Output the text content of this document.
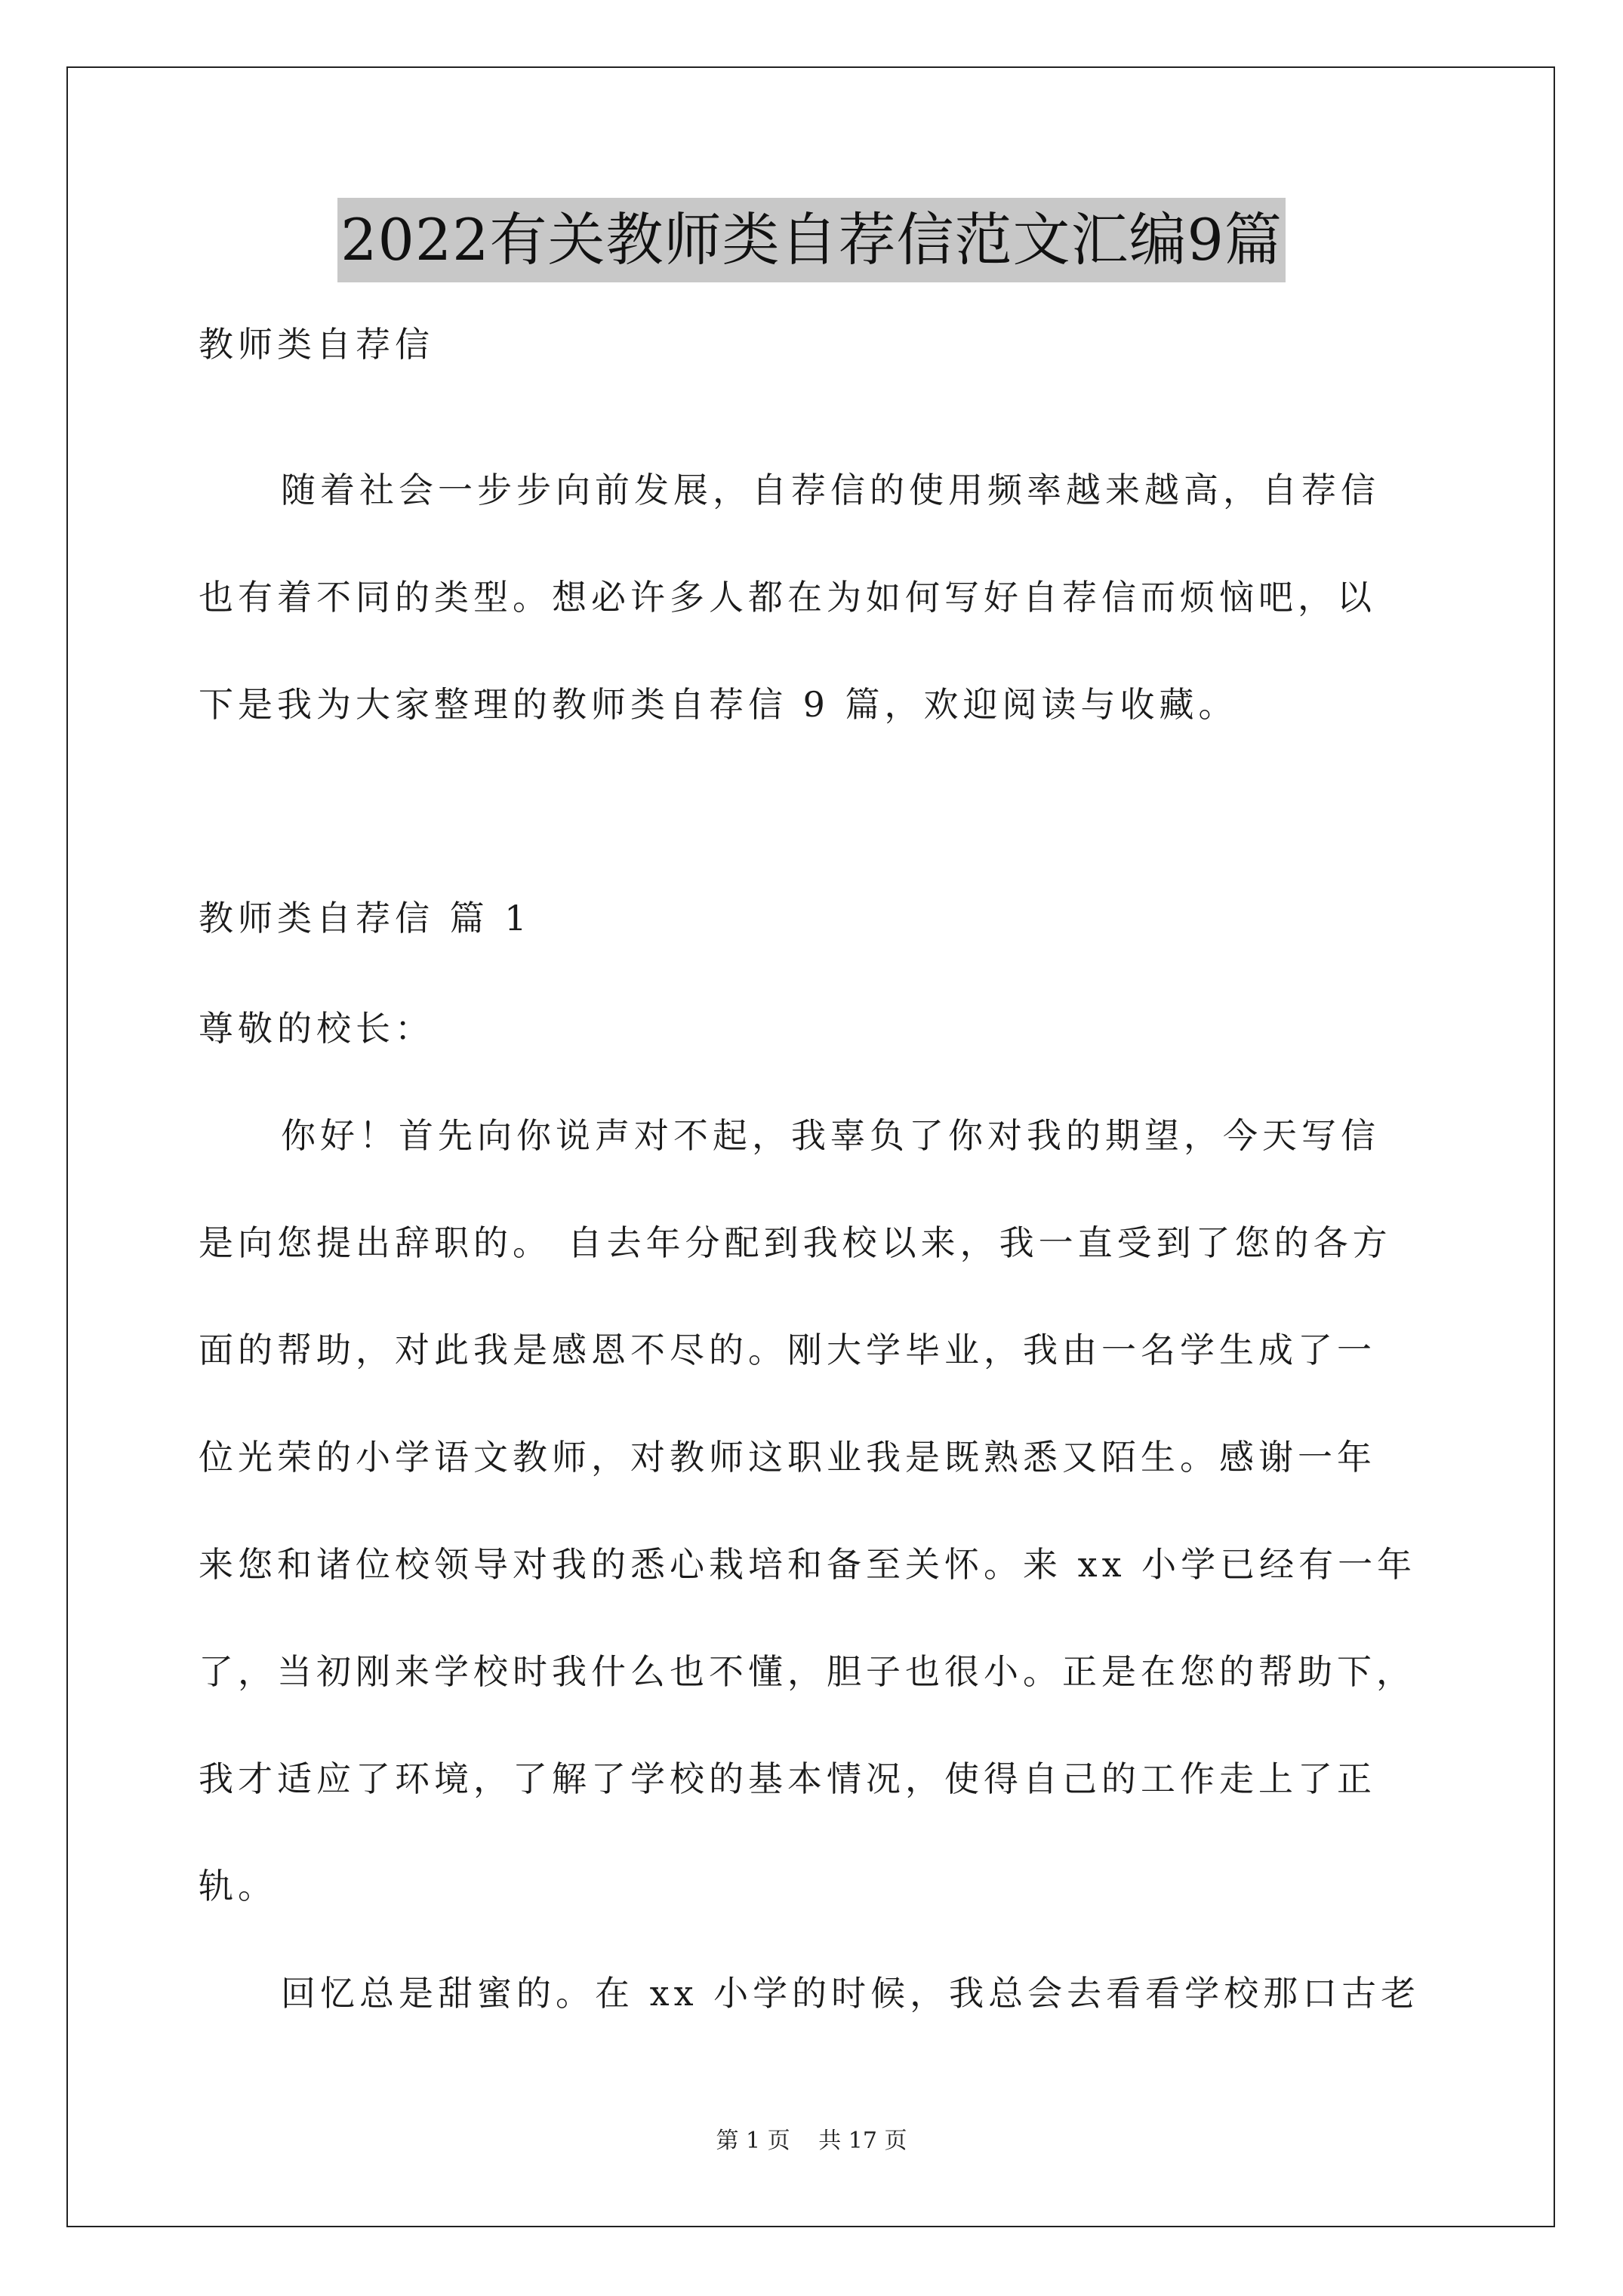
2022有关教师类自荐信范文汇编9篇
教师类自荐信
随着社会一步步向前发展，自荐信的使用频率越来越高，自荐信
也有着不同的类型。想必许多人都在为如何写好自荐信而烦恼吧，以
下是我为大家整理的教师类自荐信 9 篇，欢迎阅读与收藏。
教师类自荐信 篇 1
尊敬的校长：
你好！首先向你说声对不起，我辜负了你对我的期望，今天写信
是向您提出辞职的。 自去年分配到我校以来，我一直受到了您的各方
面的帮助，对此我是感恩不尽的。刚大学毕业，我由一名学生成了一
位光荣的小学语文教师，对教师这职业我是既熟悉又陌生。感谢一年
来您和诸位校领导对我的悉心栽培和备至关怀。来 xx 小学已经有一年
了，当初刚来学校时我什么也不懂，胆子也很小。正是在您的帮助下，
我才适应了环境，了解了学校的基本情况，使得自己的工作走上了正
轨。
回忆总是甜蜜的。在 xx 小学的时候，我总会去看看学校那口古老
第 1 页 共 17 页
